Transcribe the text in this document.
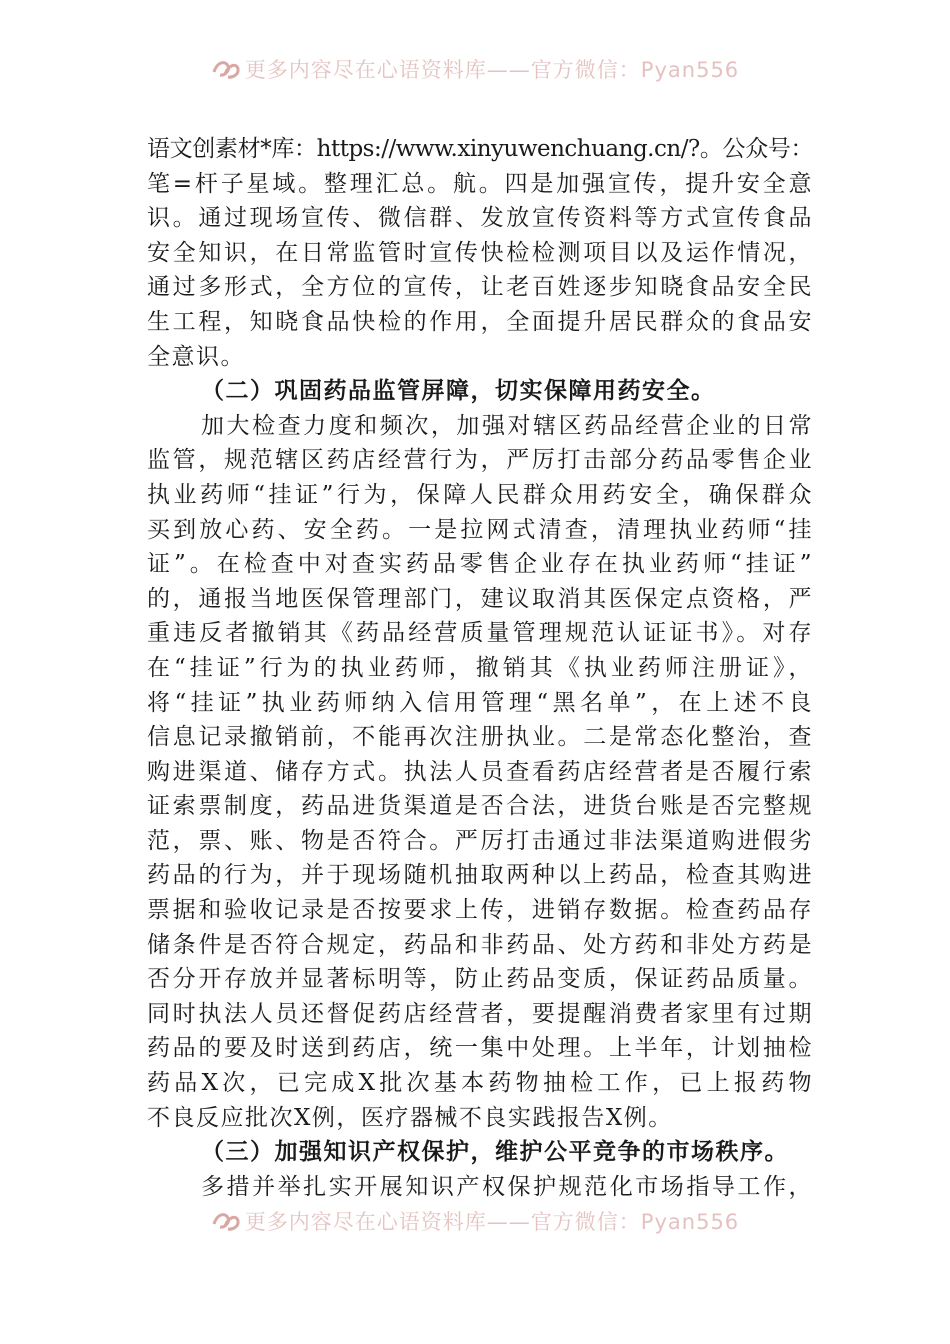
更多内容尽在心语资料库——官方微信：Pyan556
语文创素材*库：https://www.xinyuwenchuang.cn/?。公众号：
笔=杆子星域。整理汇总。航。四是加强宣传，提升安全意
识。通过现场宣传、微信群、发放宣传资料等方式宣传食品
安全知识，在日常监管时宣传快检检测项目以及运作情况，
通过多形式，全方位的宣传，让老百姓逐步知晓食品安全民
生工程，知晓食品快检的作用，全面提升居民群众的食品安
全意识。
（二）巩固药品监管屏障，切实保障用药安全。
加大检查力度和频次，加强对辖区药品经营企业的日常
监管，规范辖区药店经营行为，严厉打击部分药品零售企业
执业药师“挂证”行为，保障人民群众用药安全，确保群众
买到放心药、安全药。一是拉网式清查，清理执业药师“挂
证”。在检查中对查实药品零售企业存在执业药师“挂证”
的，通报当地医保管理部门，建议取消其医保定点资格，严
重违反者撤销其《药品经营质量管理规范认证证书》。对存
在“挂证”行为的执业药师，撤销其《执业药师注册证》，
将“挂证”执业药师纳入信用管理“黑名单”，在上述不良
信息记录撤销前，不能再次注册执业。二是常态化整治，查
购进渠道、储存方式。执法人员查看药店经营者是否履行索
证索票制度，药品进货渠道是否合法，进货台账是否完整规
范，票、账、物是否符合。严厉打击通过非法渠道购进假劣
药品的行为，并于现场随机抽取两种以上药品，检查其购进
票据和验收记录是否按要求上传，进销存数据。检查药品存
储条件是否符合规定，药品和非药品、处方药和非处方药是
否分开存放并显著标明等，防止药品变质，保证药品质量。
同时执法人员还督促药店经营者，要提醒消费者家里有过期
药品的要及时送到药店，统一集中处理。上半年，计划抽检
药品X次，已完成X批次基本药物抽检工作，已上报药物
不良反应批次X例，医疗器械不良实践报告X例。
（三）加强知识产权保护，维护公平竞争的市场秩序。
多措并举扎实开展知识产权保护规范化市场指导工作，
更多内容尽在心语资料库——官方微信：Pyan556
